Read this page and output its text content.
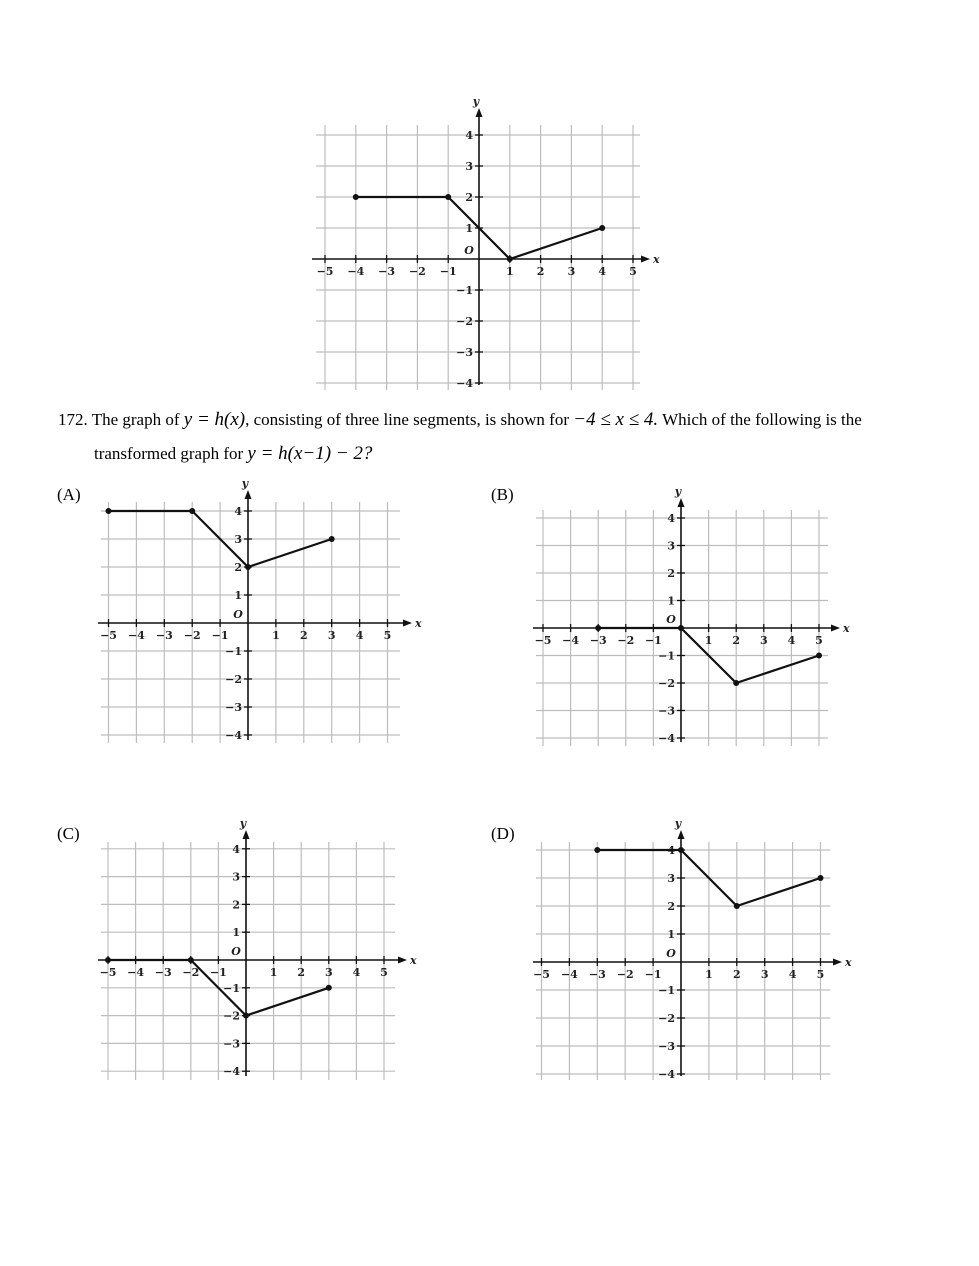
x
y
−5 −4 −3 −2 −1	1 2 3 4 5
−4
−3
−2
−1
1
2
3
4
O
172. The graph of y = h(x), consisting of three line segments, is shown for −4 ≤ x ≤ 4. Which of the following is the
transformed graph for y = h(x−1) − 2?
(A)	(B)
(C)	(D)
x
y
−5 −4 −3 −2 −1	1 2 3 4 5
−4
−3
−2
−1
1
2
3
4
O
x
y
−5 −4 −3 −2 −1	1 2 3 4 5
−4
−3
−2
−1
1
2
3
4
O
x
y
−5 −4 −3 −2 −1	1 2 3 4 5
−4
−3
−2
−1
1
2
3
4
O
x
y
−5 −4 −3 −2 −1	1 2 3 4 5
−4
−3
−2
−1
1
2
3
4
O
